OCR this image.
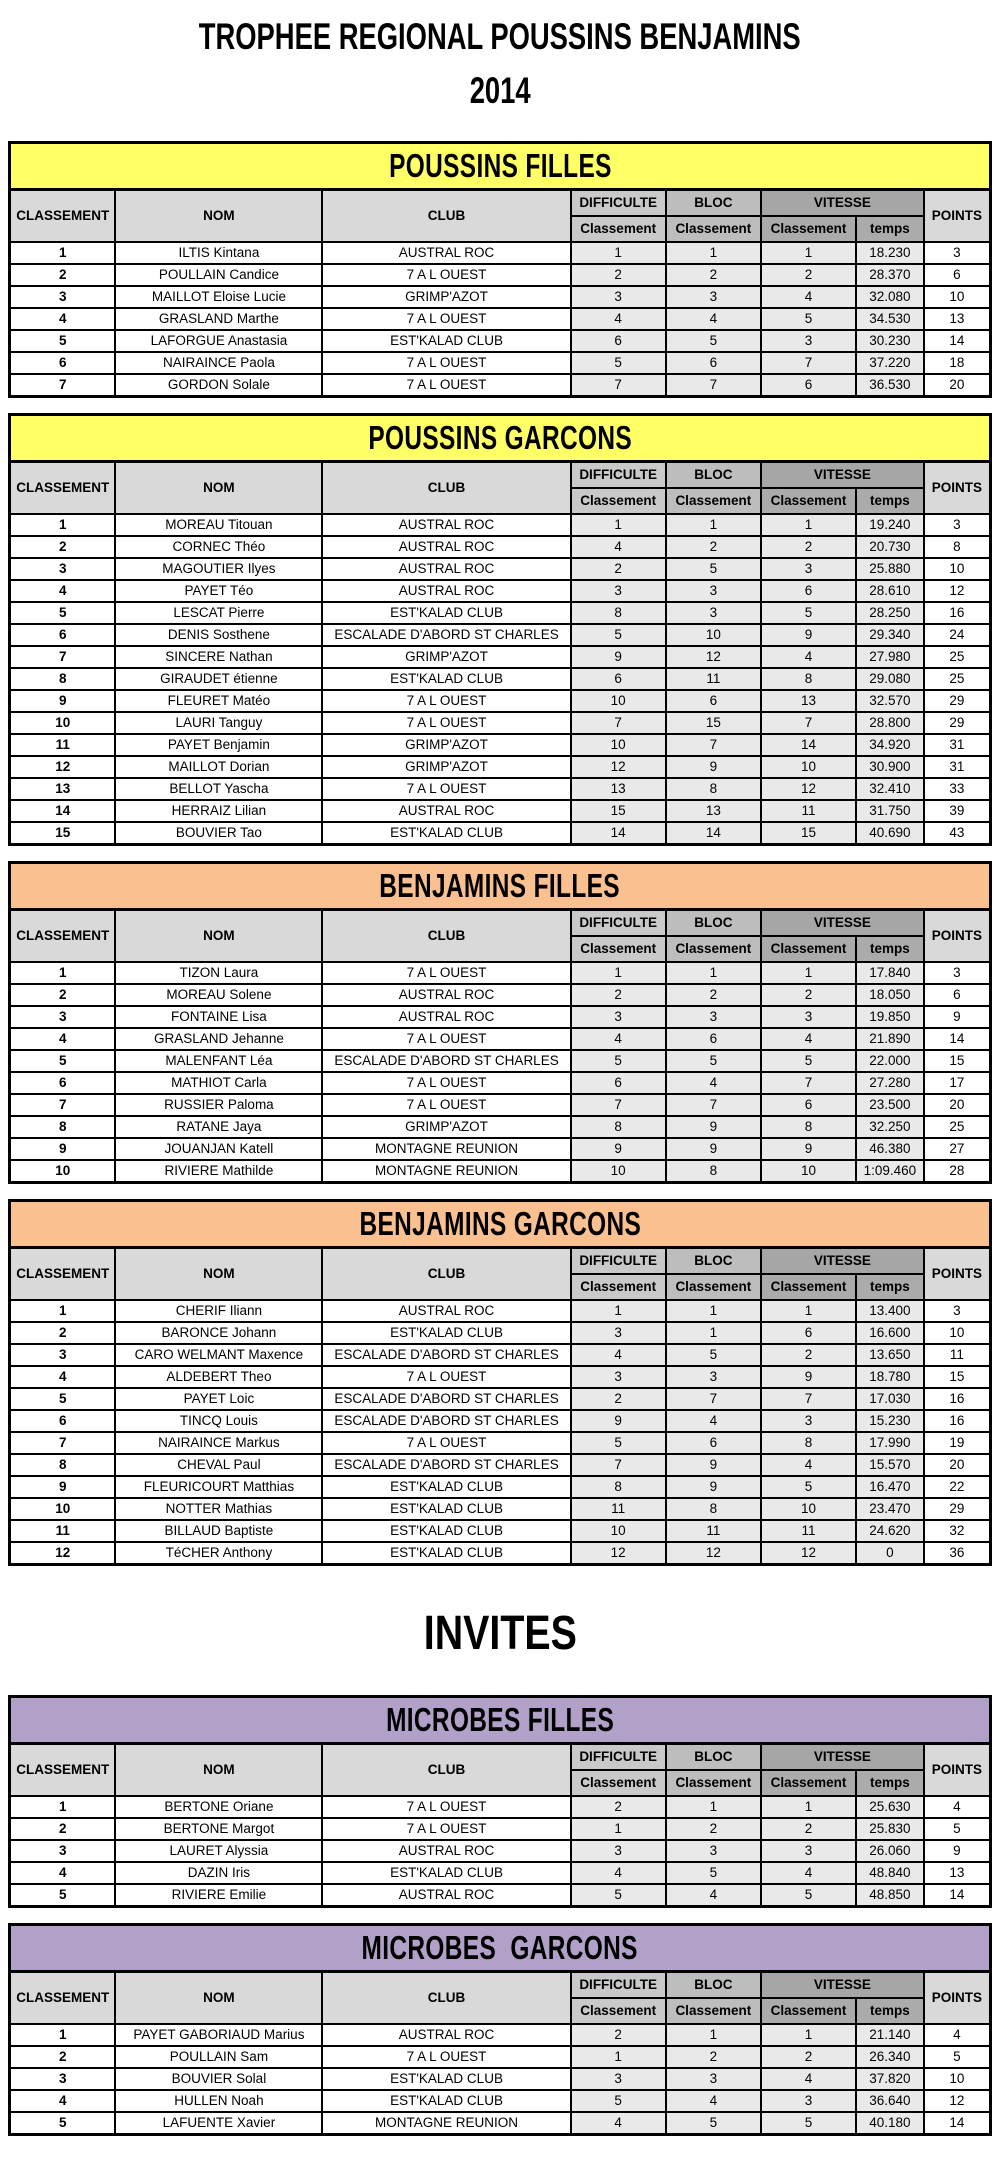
TROPHEE REGIONAL POUSSINS BENJAMINS
2014
POUSSINS FILLES							
CLASSEMENT	NOM	CLUB	DIFFICULTE	BLOC	VITESSE		POINTS
			Classement	Classement	Classement	temps	
1	ILTIS Kintana	AUSTRAL ROC	1	1	1	18.230	3
2	POULLAIN Candice	7 A L OUEST	2	2	2	28.370	6
3	MAILLOT Eloise Lucie	GRIMP'AZOT	3	3	4	32.080	10
4	GRASLAND Marthe	7 A L OUEST	4	4	5	34.530	13
5	LAFORGUE Anastasia	EST'KALAD CLUB	6	5	3	30.230	14
6	NAIRAINCE Paola	7 A L OUEST	5	6	7	37.220	18
7	GORDON Solale	7 A L OUEST	7	7	6	36.530	20
POUSSINS GARCONS							
CLASSEMENT	NOM	CLUB	DIFFICULTE	BLOC	VITESSE		POINTS
			Classement	Classement	Classement	temps	
1	MOREAU Titouan	AUSTRAL ROC	1	1	1	19.240	3
2	CORNEC Théo	AUSTRAL ROC	4	2	2	20.730	8
3	MAGOUTIER Ilyes	AUSTRAL ROC	2	5	3	25.880	10
4	PAYET Téo	AUSTRAL ROC	3	3	6	28.610	12
5	LESCAT Pierre	EST'KALAD CLUB	8	3	5	28.250	16
6	DENIS Sosthene	ESCALADE D'ABORD ST CHARLES	5	10	9	29.340	24
7	SINCERE Nathan	GRIMP'AZOT	9	12	4	27.980	25
8	GIRAUDET étienne	EST'KALAD CLUB	6	11	8	29.080	25
9	FLEURET Matéo	7 A L OUEST	10	6	13	32.570	29
10	LAURI Tanguy	7 A L OUEST	7	15	7	28.800	29
11	PAYET Benjamin	GRIMP'AZOT	10	7	14	34.920	31
12	MAILLOT Dorian	GRIMP'AZOT	12	9	10	30.900	31
13	BELLOT Yascha	7 A L OUEST	13	8	12	32.410	33
14	HERRAIZ Lilian	AUSTRAL ROC	15	13	11	31.750	39
15	BOUVIER Tao	EST'KALAD CLUB	14	14	15	40.690	43
BENJAMINS FILLES							
CLASSEMENT	NOM	CLUB	DIFFICULTE	BLOC	VITESSE		POINTS
			Classement	Classement	Classement	temps	
1	TIZON Laura	7 A L OUEST	1	1	1	17.840	3
2	MOREAU Solene	AUSTRAL ROC	2	2	2	18.050	6
3	FONTAINE Lisa	AUSTRAL ROC	3	3	3	19.850	9
4	GRASLAND Jehanne	7 A L OUEST	4	6	4	21.890	14
5	MALENFANT Léa	ESCALADE D'ABORD ST CHARLES	5	5	5	22.000	15
6	MATHIOT Carla	7 A L OUEST	6	4	7	27.280	17
7	RUSSIER Paloma	7 A L OUEST	7	7	6	23.500	20
8	RATANE Jaya	GRIMP'AZOT	8	9	8	32.250	25
9	JOUANJAN Katell	MONTAGNE REUNION	9	9	9	46.380	27
10	RIVIERE Mathilde	MONTAGNE REUNION	10	8	10	1:09.460	28
BENJAMINS GARCONS							
CLASSEMENT	NOM	CLUB	DIFFICULTE	BLOC	VITESSE		POINTS
			Classement	Classement	Classement	temps	
1	CHERIF Iliann	AUSTRAL ROC	1	1	1	13.400	3
2	BARONCE Johann	EST'KALAD CLUB	3	1	6	16.600	10
3	CARO WELMANT Maxence	ESCALADE D'ABORD ST CHARLES	4	5	2	13.650	11
4	ALDEBERT Theo	7 A L OUEST	3	3	9	18.780	15
5	PAYET Loic	ESCALADE D'ABORD ST CHARLES	2	7	7	17.030	16
6	TINCQ Louis	ESCALADE D'ABORD ST CHARLES	9	4	3	15.230	16
7	NAIRAINCE Markus	7 A L OUEST	5	6	8	17.990	19
8	CHEVAL Paul	ESCALADE D'ABORD ST CHARLES	7	9	4	15.570	20
9	FLEURICOURT Matthias	EST'KALAD CLUB	8	9	5	16.470	22
10	NOTTER Mathias	EST'KALAD CLUB	11	8	10	23.470	29
11	BILLAUD Baptiste	EST'KALAD CLUB	10	11	11	24.620	32
12	TéCHER Anthony	EST'KALAD CLUB	12	12	12	0	36
INVITES
MICROBES FILLES							
CLASSEMENT	NOM	CLUB	DIFFICULTE	BLOC	VITESSE		POINTS
			Classement	Classement	Classement	temps	
1	BERTONE Oriane	7 A L OUEST	2	1	1	25.630	4
2	BERTONE Margot	7 A L OUEST	1	2	2	25.830	5
3	LAURET Alyssia	AUSTRAL ROC	3	3	3	26.060	9
4	DAZIN Iris	EST'KALAD CLUB	4	5	4	48.840	13
5	RIVIERE Emilie	AUSTRAL ROC	5	4	5	48.850	14
MICROBES  GARCONS							
CLASSEMENT	NOM	CLUB	DIFFICULTE	BLOC	VITESSE		POINTS
			Classement	Classement	Classement	temps	
1	PAYET GABORIAUD Marius	AUSTRAL ROC	2	1	1	21.140	4
2	POULLAIN Sam	7 A L OUEST	1	2	2	26.340	5
3	BOUVIER Solal	EST'KALAD CLUB	3	3	4	37.820	10
4	HULLEN Noah	EST'KALAD CLUB	5	4	3	36.640	12
5	LAFUENTE Xavier	MONTAGNE REUNION	4	5	5	40.180	14
